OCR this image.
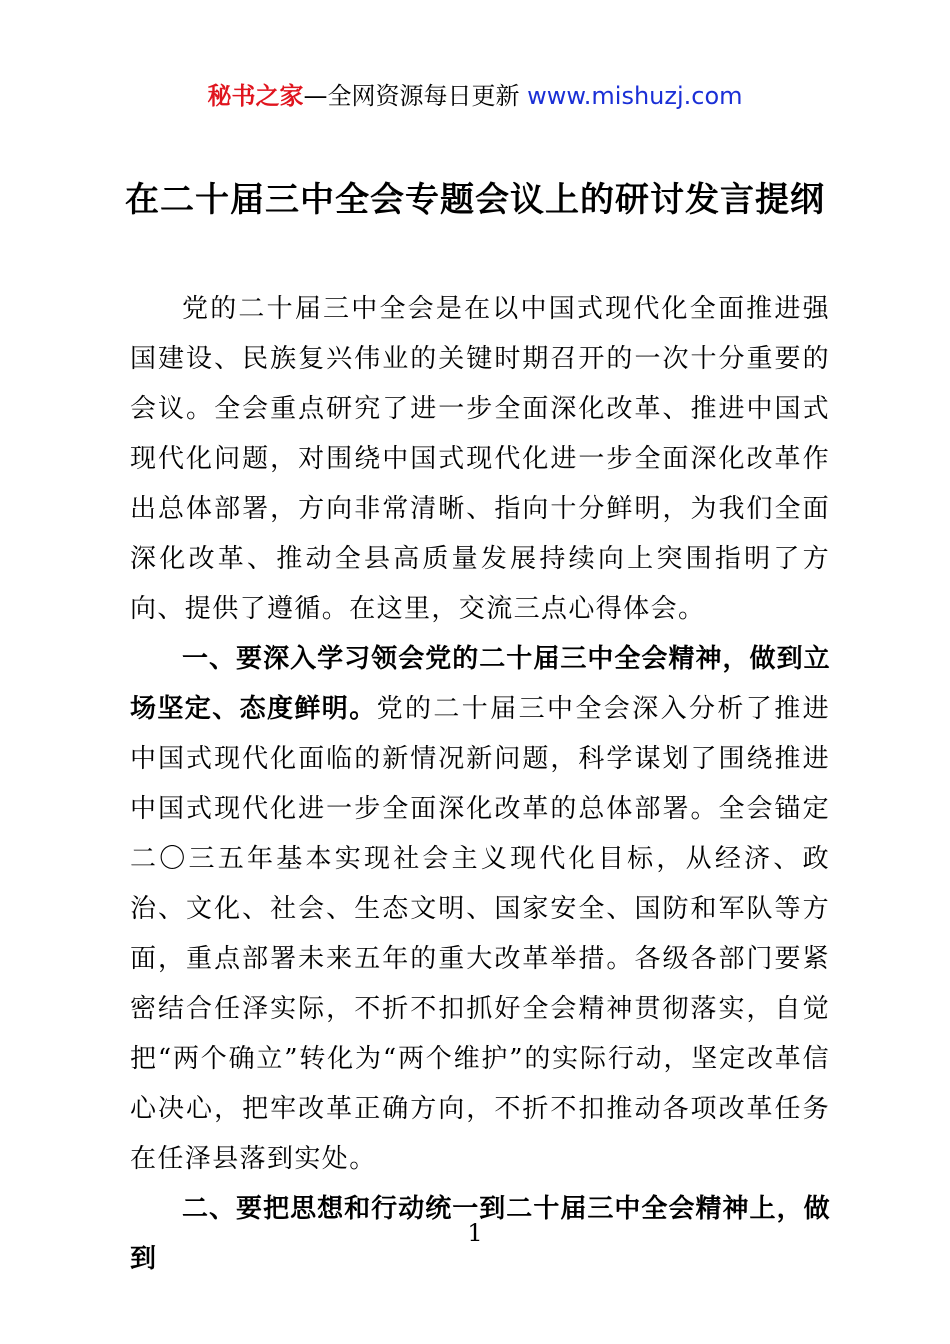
秘书之家—全网资源每日更新 www.mishuzj.com
在二十届三中全会专题会议上的研讨发言提纲

党的二十届三中全会是在以中国式现代化全面推进强国建设、民族复兴伟业的关键时期召开的一次十分重要的会议。全会重点研究了进一步全面深化改革、推进中国式现代化问题，对围绕中国式现代化进一步全面深化改革作出总体部署，方向非常清晰、指向十分鲜明，为我们全面深化改革、推动全县高质量发展持续向上突围指明了方向、提供了遵循。在这里，交流三点心得体会。

一、要深入学习领会党的二十届三中全会精神，做到立场坚定、态度鲜明。党的二十届三中全会深入分析了推进中国式现代化面临的新情况新问题，科学谋划了围绕推进中国式现代化进一步全面深化改革的总体部署。全会锚定二〇三五年基本实现社会主义现代化目标，从经济、政治、文化、社会、生态文明、国家安全、国防和军队等方面，重点部署未来五年的重大改革举措。各级各部门要紧密结合任泽实际，不折不扣抓好全会精神贯彻落实，自觉把“两个确立”转化为“两个维护”的实际行动，坚定改革信心决心，把牢改革正确方向，不折不扣推动各项改革任务在任泽县落到实处。

二、要把思想和行动统一到二十届三中全会精神上，做到

1
